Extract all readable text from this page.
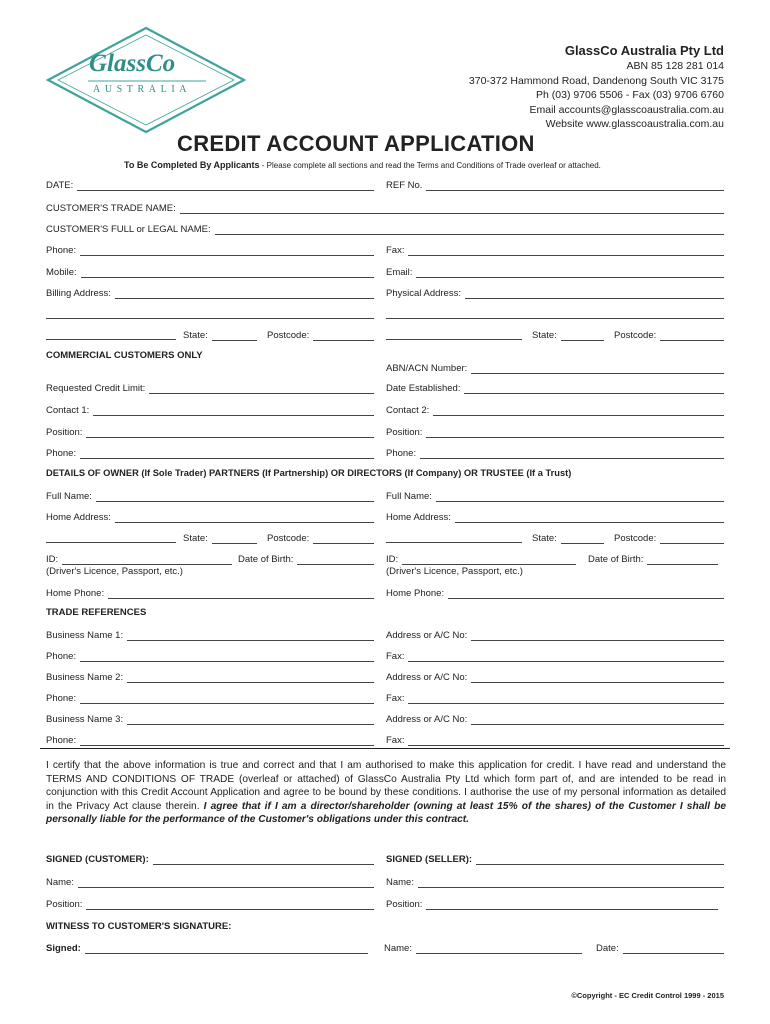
GlassCo
AUSTRALIA
GlassCo Australia Pty Ltd
ABN 85 128 281 014
370-372 Hammond Road, Dandenong South VIC 3175
Ph (03) 9706 5506 - Fax (03) 9706 6760
Email accounts@glasscoaustralia.com.au
Website www.glasscoaustralia.com.au
CREDIT ACCOUNT APPLICATION
To Be Completed By Applicants - Please complete all sections and read the Terms and Conditions of Trade overleaf or attached.
DATE:	REF No.
CUSTOMER'S TRADE NAME:
CUSTOMER'S FULL or LEGAL NAME:
Phone:	Fax:
Mobile:	Email:
Billing Address:	Physical Address:
State:	Postcode:	State:	Postcode:
COMMERCIAL CUSTOMERS ONLY
ABN/ACN Number:
Requested Credit Limit:	Date Established:
Contact 1:	Contact 2:
Position:	Position:
Phone:	Phone:
DETAILS OF OWNER (If Sole Trader) PARTNERS (If Partnership) OR DIRECTORS (If Company) OR TRUSTEE (If a Trust)
Full Name:	Full Name:
Home Address:	Home Address:
State:	Postcode:	State:	Postcode:
ID:	Date of Birth:	ID:	Date of Birth:
(Driver's Licence, Passport, etc.)	(Driver's Licence, Passport, etc.)
Home Phone:	Home Phone:
TRADE REFERENCES
Business Name 1:	Address or A/C No:
Phone:	Fax:
Business Name 2:	Address or A/C No:
Phone:	Fax:
Business Name 3:	Address or A/C No:
Phone:	Fax:
I certify that the above information is true and correct and that I am authorised to make this application for credit. I have read and understand the TERMS AND CONDITIONS OF TRADE (overleaf or attached) of GlassCo Australia Pty Ltd which form part of, and are intended to be read in conjunction with this Credit Account Application and agree to be bound by these conditions. I authorise the use of my personal information as detailed in the Privacy Act clause therein. I agree that if I am a director/shareholder (owning at least 15% of the shares) of the Customer I shall be personally liable for the performance of the Customer's obligations under this contract.
SIGNED (CUSTOMER):	SIGNED (SELLER):
Name:	Name:
Position:	Position:
WITNESS TO CUSTOMER'S SIGNATURE:
Signed:	Name:	Date:
©Copyright - EC Credit Control 1999 - 2015
